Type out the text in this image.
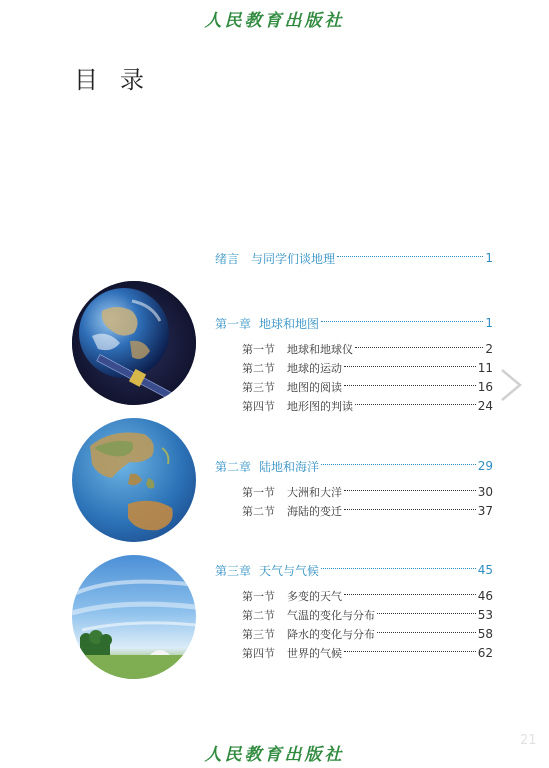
人民教育出版社
目 录
绪言　与同学们谈地理	1
第一章 地球和地图	1
第一节 地球和地球仪	2
第二节 地球的运动	11
第三节 地图的阅读	16
第四节 地形图的判读	24
第二章 陆地和海洋	29
第一节 大洲和大洋	30
第二节 海陆的变迁	37
第三章 天气与气候	45
第一节 多变的天气	46
第二节 气温的变化与分布	53
第三节 降水的变化与分布	58
第四节 世界的气候	62
21
人民教育出版社
